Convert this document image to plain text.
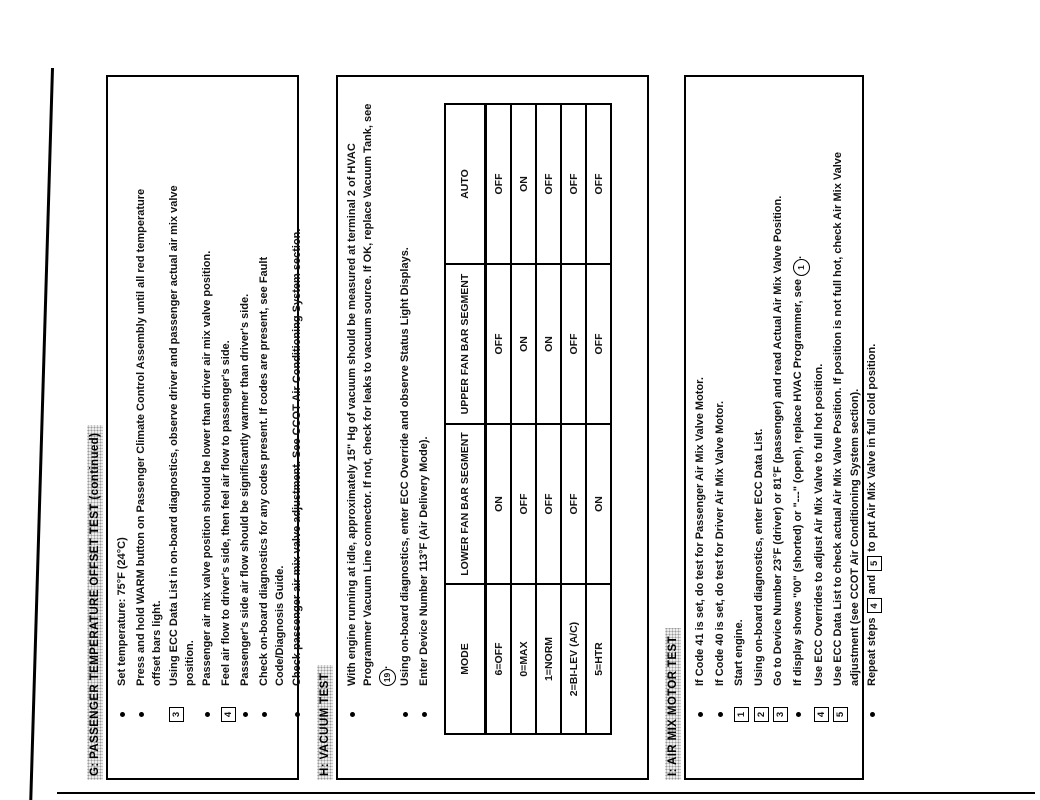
G: PASSENGER TEMPERATURE OFFSET TEST (continued) Set temperature: 75°F (24°C) Press and hold WARM button on Passenger Climate Control Assembly until all red temperature offset bars light.
3
Using ECC Data List in on-board diagnostics, observe driver and passenger actual air mix valve position. Passenger air mix valve position should be lower than driver air mix valve position.
4
Feel air flow to driver's side, then feel air flow to passenger's side. Passenger's side air flow should be significantly warmer than driver's side. Check on-board diagnostics for any codes present. If codes are present, see Fault Code/Diagnosis Guide. Check passenger air mix valve adjustment. See CCOT Air Conditioning System section.
H: VACUUM TEST
With engine running at idle, approximately 15" Hg of vacuum should be measured at terminal 2 of HVAC Programmer Vacuum Line connector. If not, check for leaks to vacuum source. If OK, replace Vacuum Tank, see 19. Using on-board diagnostics, enter ECC Override and observe Status Light Displays. Enter Device Number 113°F (Air Delivery Mode).	MODE	LOWER FAN BAR SEGMENT	UPPER FAN BAR SEGMENT	AUTO
6=OFF	ON	OFF	OFF
0=MAX	OFF	ON	ON
1=NORM	OFF	ON	OFF
2=BI-LEV (A/C)	OFF	OFF	OFF
5=HTR	ON	OFF	OFF
I: AIR MIX MOTOR TEST
If Code 41 is set, do test for Passenger Air Mix Valve Motor. If Code 40 is set, do test for Driver Air Mix Valve Motor.
1
Start engine.
2
Using on-board diagnostics, enter ECC Data List.
3
Go to Device Number 23°F (driver) or 81°F (passenger) and read Actual Air Mix Valve Position. If display shows "00" (shorted) or "---" (open), replace HVAC Programmer, see 1.
4
Use ECC Overrides to adjust Air Mix Valve to full hot position.
5
Use ECC Data List to check actual Air Mix Valve Position. If position is not full hot, check Air Mix Valve adjustment (see CCOT Air Conditioning System section). Repeat steps 4 and 5 to put Air Mix Valve in full cold position.
